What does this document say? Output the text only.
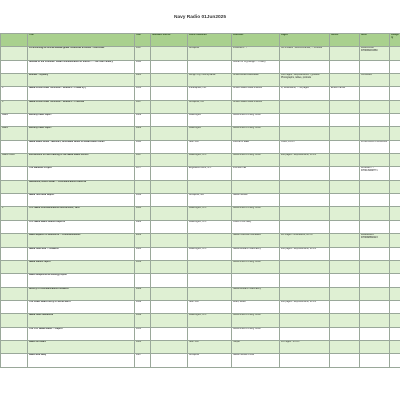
Navy Radio 01Jun2025
	Title	Year	Standard Source	Place Published	Publisher	Pages	Author	ISBN	Category
	Forthcoming ex-official Middle-grade Textbooks & Books - 1900-1980	1997		Annapolis	Publishers - ?	CD's Nation - Environmental, ... Pictures		9990031580 9780999031580	
	Sundial of the Potomac: naval communication in transit -- ... the 19th century	1991			Center for Cryptologic ... History				
	Wonder : Mystery	1905		Lehigh City, Pennsylvania	United Books Association	343 Pages - Reproductions: Typeface: Photographs, tables, portraits		Old edition	
6	Naval Action Enter Technical - Volume 2 - Phase 2(?)	1953		Indianapolis, Ind.	United States Naval Institute	vi, Illustrations, ... 44 pages	Emerk Harres		
6	Naval Action Enter Technical - Volume 2 - Practical	1937		Annapolis, Ind.	United States Naval Institute				
Radio	Monthly radio report	1909		Washington	Government Printing Office				
Radio	Monthly radio report	1922		Washington	Government Printing Office				
	Naval Radio Notes - Memoirs, Annotated Notes of Naval Radio Clerks	1995		New York	Journal of IEEE	Office, 24 cm		9780131004 9780131004	
Radio Notes	Instructions for and training of the Naval Radio school	1947		Washington, D.C.	Government Printing Office	296 pages - Reproductions, 18 cm			
	The Sandbox Project	1977		Englewood Cliffs, N.J.	Prentice-Hall			0139998777 9780139998771	
	Handbook, Hutch Naval ... Communications Reserve								
	Naval Technical Report	1946		Annapolis, Md.	Naval Institute				
0	U.S. Naval Communications Instructions, 1945	1945		Washington, D.C.	Government Printing Office				
	U.S. Naval Radio Station Reports	1982		Washington, D.C.	Office of the Navy				
	Radio aspects of sea-borne ... communications	2002			Naval Historical Foundation	xxii Pages - Illustrations, 28 cm		9998882223 9780998882223	
	Naval radio and ... research	1963		Washington, D.C.	Naval Research Laboratory	296 pages - Reproductions, 28 cm			
	Naval station report	1956			Government Printing Office				
	Radio telephone technology report								
	History of communications research	1968			Naval Research Laboratory				
	The Coast Guard Story of World War II	1949		New York	Dodd, Mead	200 pages - Reproductions, 24 cm			
	Naval radio handbook	1948		Washington, D.C.	Government Printing Office				
	The U.S. Naval Radio ... Report	1951			Government Printing Office				
	Radio on board	1963		New York	Harper	xiv Pages - 24 cm			
	Radio and Navy	1987		Annapolis	Naval Institute Press				
